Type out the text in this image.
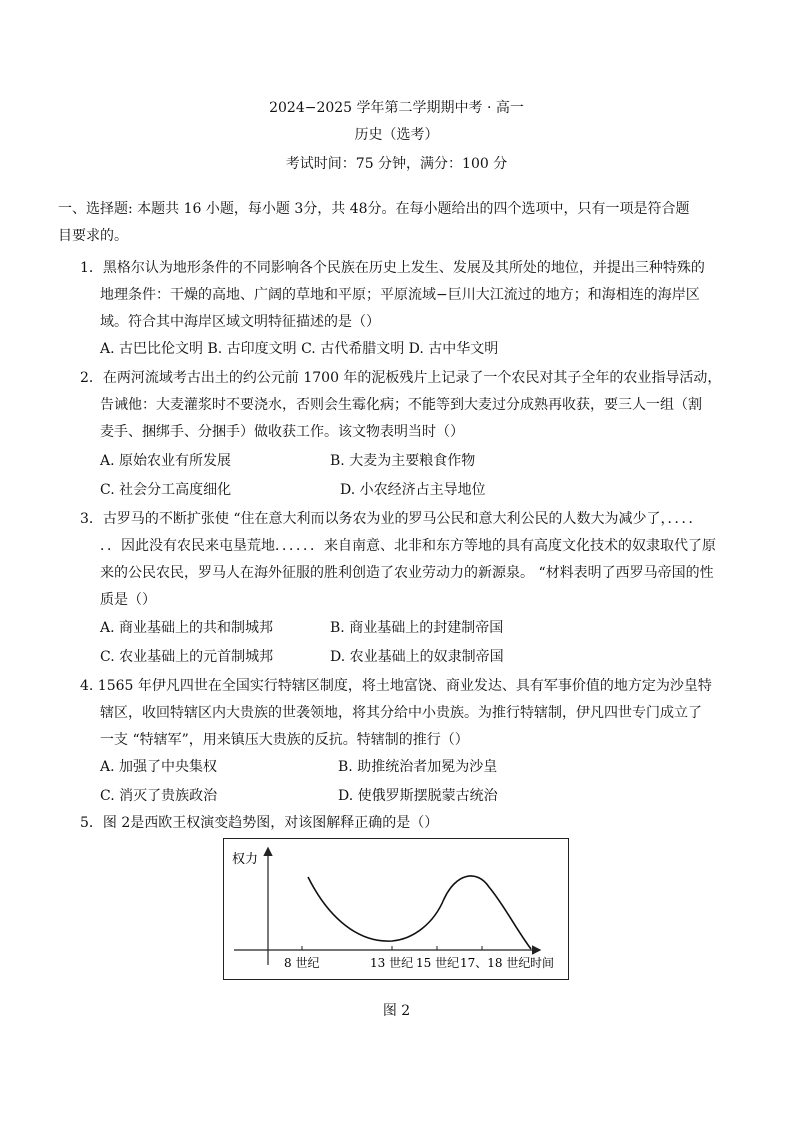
2024−2025 学年第二学期期中考 · 高一
历史（选考）
考试时间：75 分钟，满分：100 分
一、选择题: 本题共 16 小题，每小题 3分，共 48分。在每小题给出的四个选项中，只有一项是符合题
目要求的。
1．黑格尔认为地形条件的不同影响各个民族在历史上发生、发展及其所处的地位，并提出三种特殊的
地理条件：干燥的高地、广阔的草地和平原；平原流域−巨川大江流过的地方；和海相连的海岸区
域。符合其中海岸区域文明特征描述的是（）
A. 古巴比伦文明 B. 古印度文明 C. 古代希腊文明 D. 古中华文明
2．在两河流域考古出土的约公元前 1700 年的泥板残片上记录了一个农民对其子全年的农业指导活动，
告诫他：大麦灌浆时不要浇水，否则会生霉化病；不能等到大麦过分成熟再收获，要三人一组（割
麦手、捆绑手、分捆手）做收获工作。该文物表明当时（）
A. 原始农业有所发展	B. 大麦为主要粮食作物
C. 社会分工高度细化	D. 小农经济占主导地位
3．古罗马的不断扩张使 “住在意大利而以务农为业的罗马公民和意大利公民的人数大为减少了，．．．．
．．因此没有农民来屯垦荒地．．．．．．来自南意、北非和东方等地的具有高度文化技术的奴隶取代了原
来的公民农民，罗马人在海外征服的胜利创造了农业劳动力的新源泉。 “材料表明了西罗马帝国的性
质是（）
A. 商业基础上的共和制城邦	B. 商业基础上的封建制帝国
C. 农业基础上的元首制城邦	D. 农业基础上的奴隶制帝国
4. 1565 年伊凡四世在全国实行特辖区制度，将土地富饶、商业发达、具有军事价值的地方定为沙皇特
辖区，收回特辖区内大贵族的世袭领地，将其分给中小贵族。为推行特辖制，伊凡四世专门成立了
一支 “特辖军”，用来镇压大贵族的反抗。特辖制的推行（）
A. 加强了中央集权	B. 助推统治者加冕为沙皇
C. 消灭了贵族政治	D. 使俄罗斯摆脱蒙古统治
5．图 2是西欧王权演变趋势图，对该图解释正确的是（）
权力
8 世纪	13 世纪 15 世纪 17、18 世纪 时间
图 2
